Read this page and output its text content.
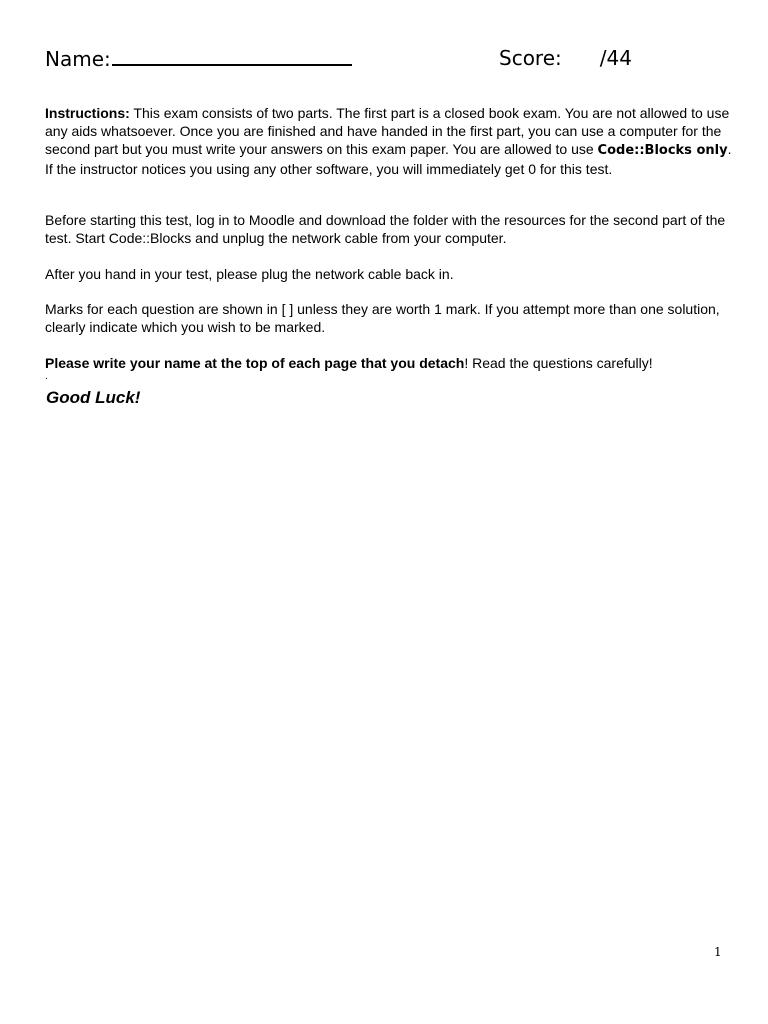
Name:	Score: /44
Instructions: This exam consists of two parts. The first part is a closed book exam. You are not allowed to use any aids whatsoever. Once you are finished and have handed in the first part, you can use a computer for the second part but you must write your answers on this exam paper. You are allowed to use Code::Blocks only. If the instructor notices you using any other software, you will immediately get 0 for this test.
Before starting this test, log in to Moodle and download the folder with the resources for the second part of the test. Start Code::Blocks and unplug the network cable from your computer.
After you hand in your test, please plug the network cable back in.
Marks for each question are shown in [ ] unless they are worth 1 mark. If you attempt more than one solution, clearly indicate which you wish to be marked.
Please write your name at the top of each page that you detach! Read the questions carefully!
.
Good Luck!
1
